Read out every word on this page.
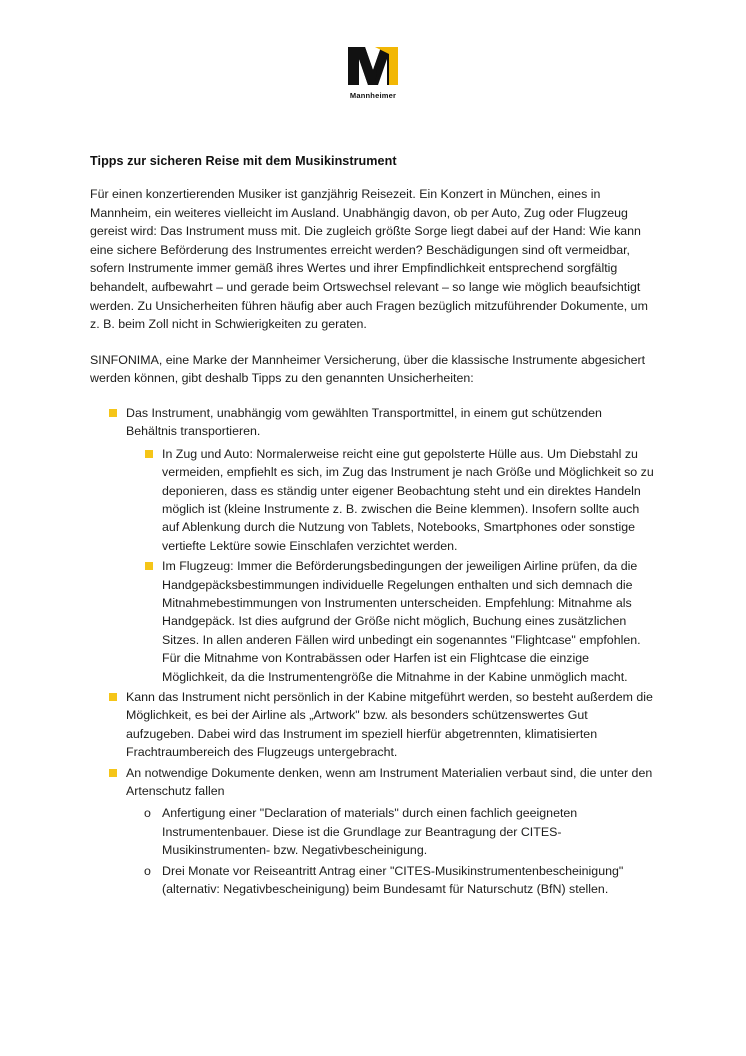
Mannheimer
Tipps zur sicheren Reise mit dem Musikinstrument

Für einen konzertierenden Musiker ist ganzjährig Reisezeit. Ein Konzert in München, eines in Mannheim, ein weiteres vielleicht im Ausland. Unabhängig davon, ob per Auto, Zug oder Flugzeug gereist wird: Das Instrument muss mit. Die zugleich größte Sorge liegt dabei auf der Hand: Wie kann eine sichere Beförderung des Instrumentes erreicht werden? Beschädigungen sind oft vermeidbar, sofern Instrumente immer gemäß ihres Wertes und ihrer Empfindlichkeit entsprechend sorgfältig behandelt, aufbewahrt – und gerade beim Ortswechsel relevant – so lange wie möglich beaufsichtigt werden. Zu Unsicherheiten führen häufig aber auch Fragen bezüglich mitzuführender Dokumente, um z. B. beim Zoll nicht in Schwierigkeiten zu geraten.

SINFONIMA, eine Marke der Mannheimer Versicherung, über die klassische Instrumente abgesichert werden können, gibt deshalb Tipps zu den genannten Unsicherheiten:

Das Instrument, unabhängig vom gewählten Transportmittel, in einem gut schützenden Behältnis transportieren.
In Zug und Auto: Normalerweise reicht eine gut gepolsterte Hülle aus. Um Diebstahl zu vermeiden, empfiehlt es sich, im Zug das Instrument je nach Größe und Möglichkeit so zu deponieren, dass es ständig unter eigener Beobachtung steht und ein direktes Handeln möglich ist (kleine Instrumente z. B. zwischen die Beine klemmen). Insofern sollte auch auf Ablenkung durch die Nutzung von Tablets, Notebooks, Smartphones oder sonstige vertiefte Lektüre sowie Einschlafen verzichtet werden.
Im Flugzeug: Immer die Beförderungsbedingungen der jeweiligen Airline prüfen, da die Handgepäcksbestimmungen individuelle Regelungen enthalten und sich demnach die Mitnahmebestimmungen von Instrumenten unterscheiden. Empfehlung: Mitnahme als Handgepäck. Ist dies aufgrund der Größe nicht möglich, Buchung eines zusätzlichen Sitzes. In allen anderen Fällen wird unbedingt ein sogenanntes "Flightcase" empfohlen. Für die Mitnahme von Kontrabässen oder Harfen ist ein Flightcase die einzige Möglichkeit, da die Instrumentengröße die Mitnahme in der Kabine unmöglich macht.
Kann das Instrument nicht persönlich in der Kabine mitgeführt werden, so besteht außerdem die Möglichkeit, es bei der Airline als „Artwork" bzw. als besonders schützenswertes Gut aufzugeben. Dabei wird das Instrument im speziell hierfür abgetrennten, klimatisierten Frachtraumbereich des Flugzeugs untergebracht.
An notwendige Dokumente denken, wenn am Instrument Materialien verbaut sind, die unter den Artenschutz fallen
o Anfertigung einer "Declaration of materials" durch einen fachlich geeigneten Instrumentenbauer. Diese ist die Grundlage zur Beantragung der CITES-Musikinstrumenten- bzw. Negativbescheinigung.
o Drei Monate vor Reiseantritt Antrag einer "CITES-Musikinstrumentenbescheinigung" (alternativ: Negativbescheinigung) beim Bundesamt für Naturschutz (BfN) stellen.
